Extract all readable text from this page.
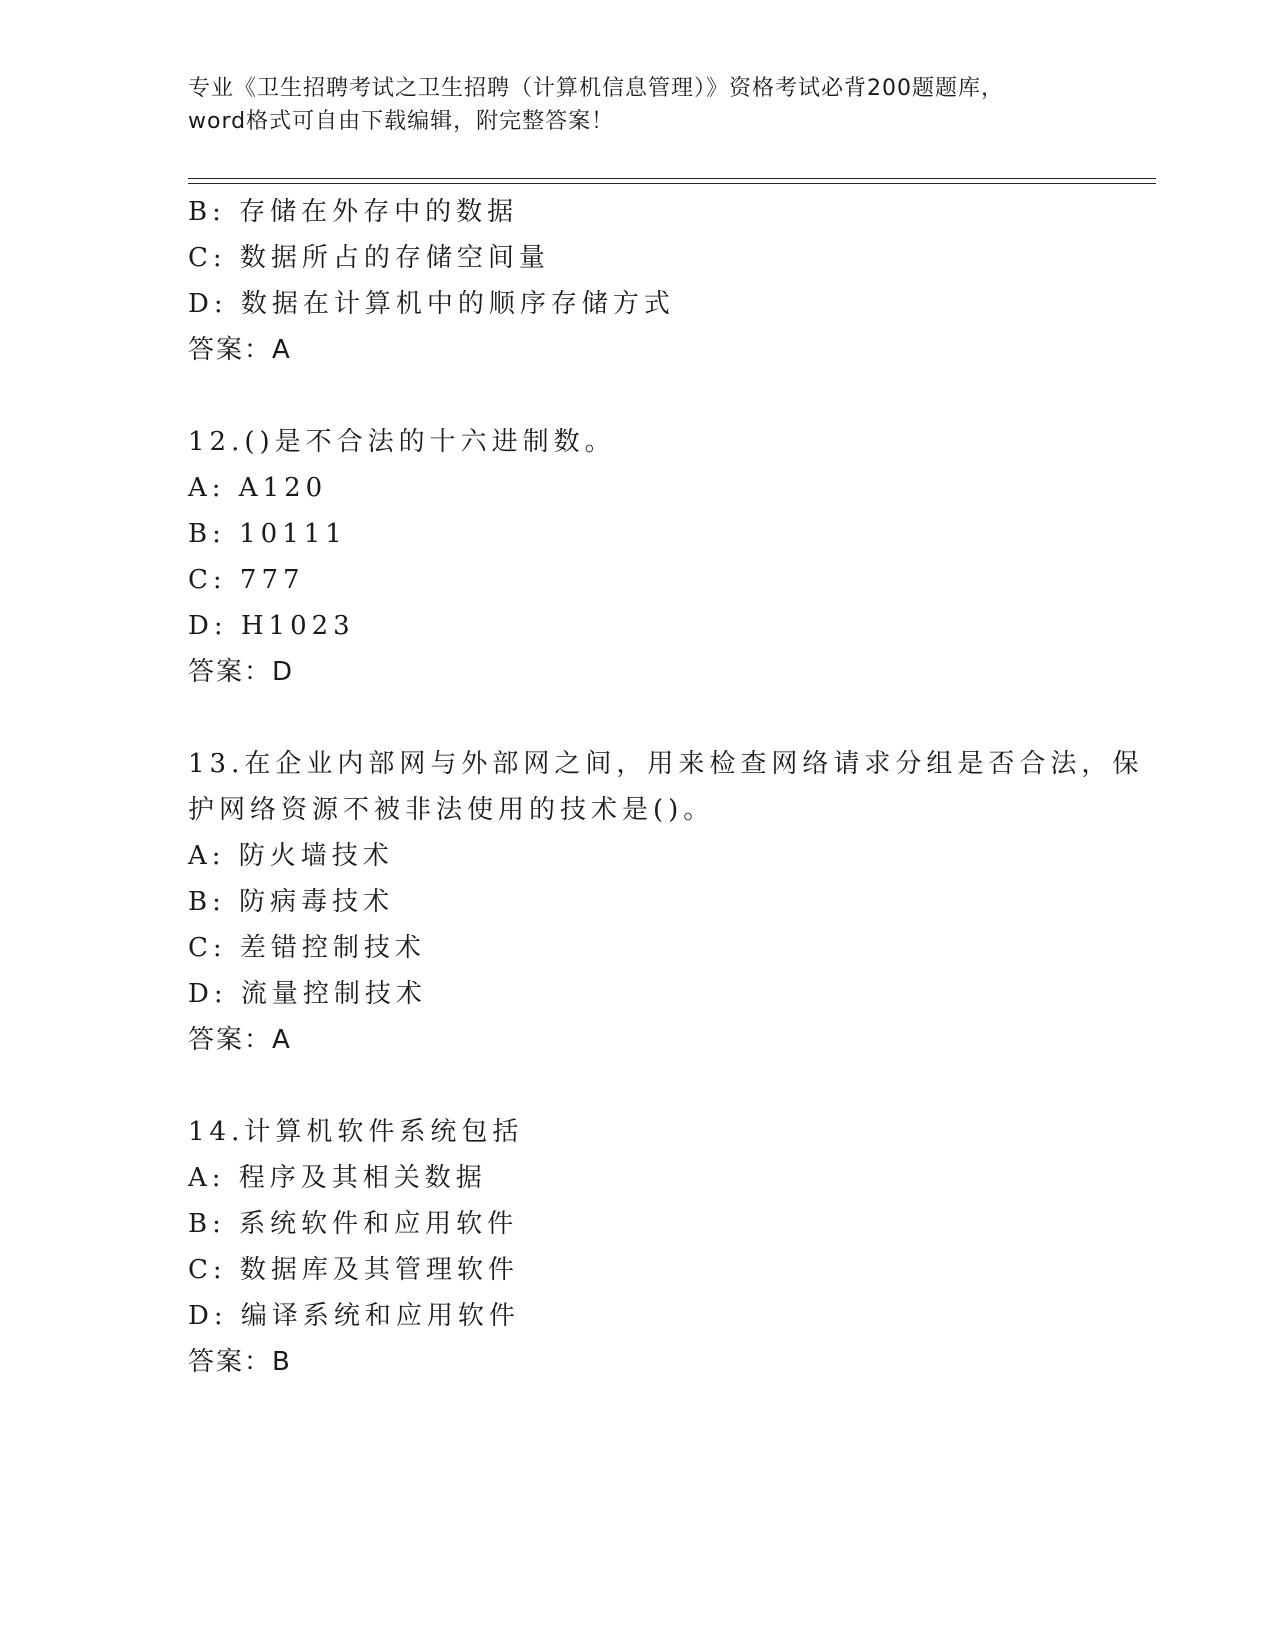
专业《卫生招聘考试之卫生招聘（计算机信息管理）》资格考试必背200题题库，
word格式可自由下载编辑，附完整答案！
B: 存储在外存中的数据
C: 数据所占的存储空间量
D: 数据在计算机中的顺序存储方式
答案：A
12.()是不合法的十六进制数。
A: A120
B: 10111
C: 777
D: H1023
答案：D
13.在企业内部网与外部网之间，用来检查网络请求分组是否合法，保
护网络资源不被非法使用的技术是()。
A: 防火墙技术
B: 防病毒技术
C: 差错控制技术
D: 流量控制技术
答案：A
14.计算机软件系统包括
A: 程序及其相关数据
B: 系统软件和应用软件
C: 数据库及其管理软件
D: 编译系统和应用软件
答案：B
